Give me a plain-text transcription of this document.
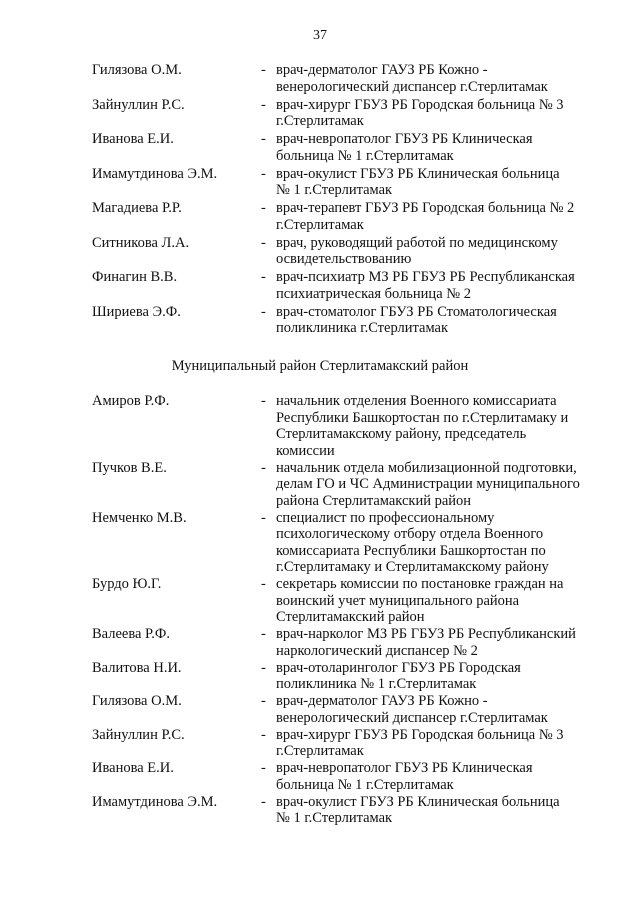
37
Гилязова О.М.	- врач-дерматолог ГАУЗ РБ Кожно -
венерологический диспансер г.Стерлитамак
Зайнуллин Р.С.	- врач-хирург ГБУЗ РБ Городская больница № 3
г.Стерлитамак
Иванова Е.И.	- врач-невропатолог ГБУЗ РБ Клиническая
больница № 1 г.Стерлитамак
Имамутдинова Э.М.	- врач-окулист ГБУЗ РБ Клиническая больница
№ 1 г.Стерлитамак
Магадиева Р.Р.	- врач-терапевт ГБУЗ РБ Городская больница № 2
г.Стерлитамак
Ситникова Л.А.	- врач, руководящий работой по медицинскому
освидетельствованию
Финагин В.В.	- врач-психиатр МЗ РБ ГБУЗ РБ Республиканская
психиатрическая больница № 2
Шириева Э.Ф.	- врач-стоматолог ГБУЗ РБ Стоматологическая
поликлиника г.Стерлитамак
Муниципальный район Стерлитамакский район
Амиров Р.Ф.	- начальник отделения Военного комиссариата
Республики Башкортостан по г.Стерлитамаку и
Стерлитамакскому району, председатель
комиссии
Пучков В.Е.	- начальник отдела мобилизационной подготовки,
делам ГО и ЧС Администрации муниципального
района Стерлитамакский район
Немченко М.В.	- специалист по профессиональному
психологическому отбору отдела Военного
комиссариата Республики Башкортостан по
г.Стерлитамаку и Стерлитамакскому району
Бурдо Ю.Г.	- секретарь комиссии по постановке граждан на
воинский учет муниципального района
Стерлитамакский район
Валеева Р.Ф.	- врач-нарколог МЗ РБ ГБУЗ РБ Республиканский
наркологический диспансер № 2
Валитова Н.И.	- врач-отоларинголог ГБУЗ РБ Городская
поликлиника № 1 г.Стерлитамак
Гилязова О.М.	- врач-дерматолог ГАУЗ РБ Кожно -
венерологический диспансер г.Стерлитамак
Зайнуллин Р.С.	- врач-хирург ГБУЗ РБ Городская больница № 3
г.Стерлитамак
Иванова Е.И.	- врач-невропатолог ГБУЗ РБ Клиническая
больница № 1 г.Стерлитамак
Имамутдинова Э.М.	- врач-окулист ГБУЗ РБ Клиническая больница
№ 1 г.Стерлитамак
